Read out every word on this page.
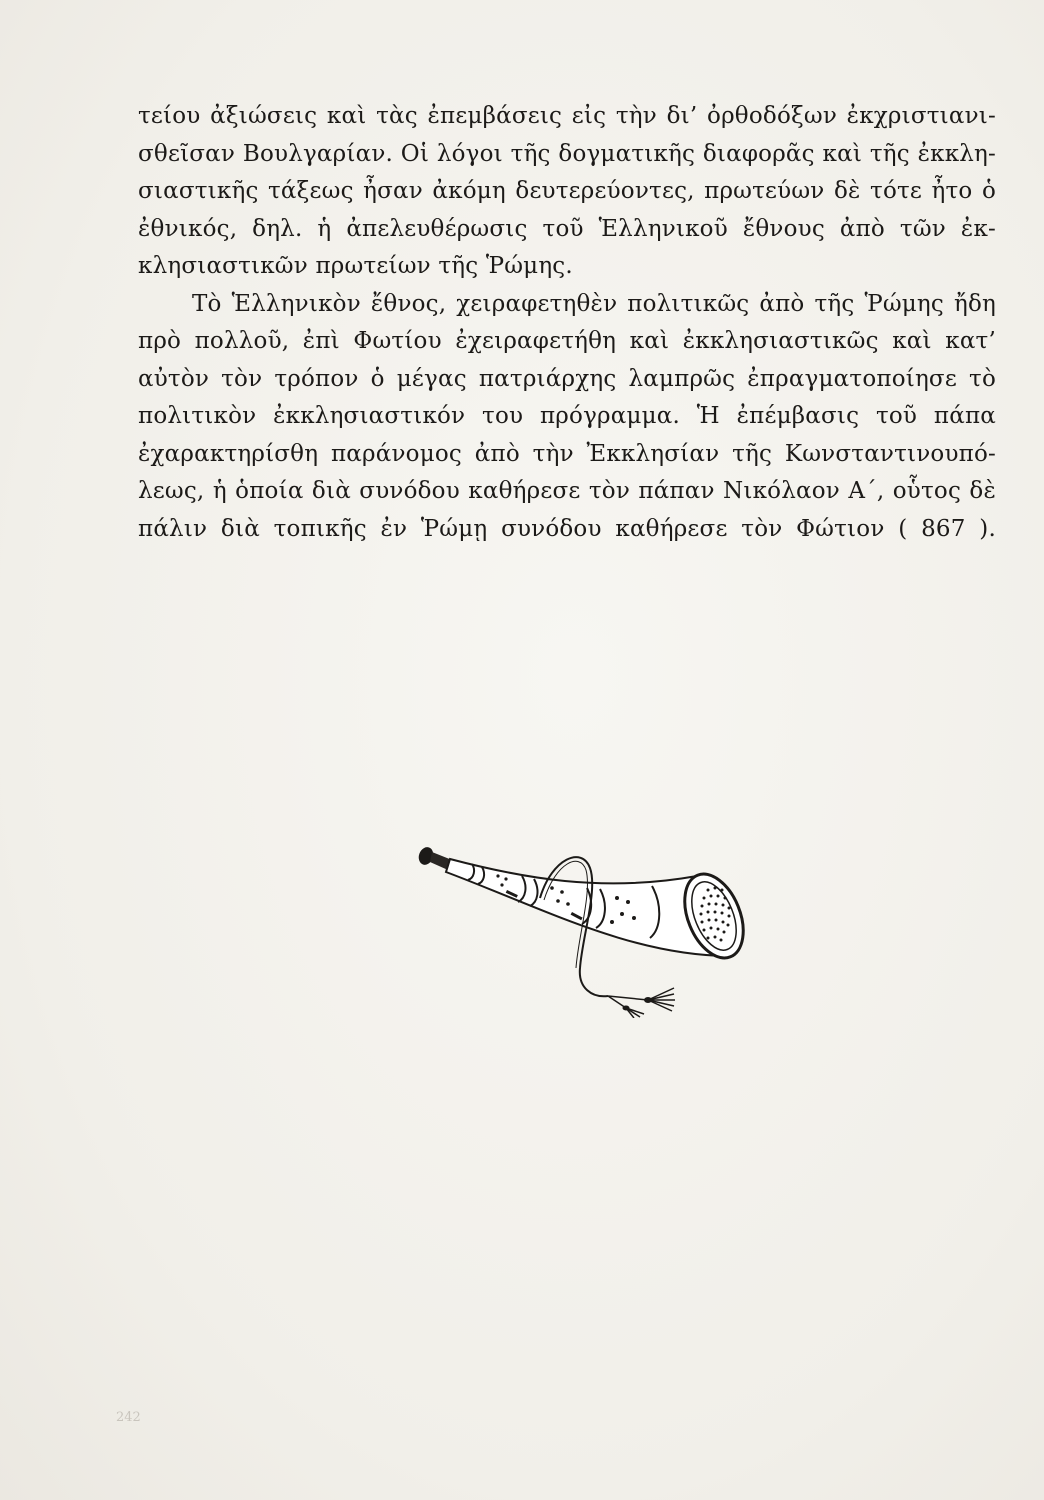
τείου ἀξιώσεις καὶ τὰς ἐπεμβάσεις εἰς τὴν δι’ ὀρθοδόξων ἐκχριστιανι-
σθεῖσαν Βουλγαρίαν. Οἱ λόγοι τῆς δογματικῆς διαφορᾶς καὶ τῆς ἐκκλη-
σιαστικῆς τάξεως ἦσαν ἀκόμη δευτερεύοντες, πρωτεύων δὲ τότε ἦτο ὁ
ἐθνικός, δηλ. ἡ ἀπελευθέρωσις τοῦ Ἑλληνικοῦ ἔθνους ἀπὸ τῶν ἐκ-
κλησιαστικῶν πρωτείων τῆς Ῥώμης.
Τὸ Ἑλληνικὸν ἔθνος, χειραφετηθὲν πολιτικῶς ἀπὸ τῆς Ῥώμης ἤδη
πρὸ πολλοῦ, ἐπὶ Φωτίου ἐχειραφετήθη καὶ ἐκκλησιαστικῶς καὶ κατ’
αὐτὸν τὸν τρόπον ὁ μέγας πατριάρχης λαμπρῶς ἐπραγματοποίησε τὸ
πολιτικὸν ἐκκλησιαστικόν του πρόγραμμα. Ἡ ἐπέμβασις τοῦ πάπα
ἐχαρακτηρίσθη παράνομος ἀπὸ τὴν Ἐκκλησίαν τῆς Κωνσταντινουπό-
λεως, ἡ ὁποία διὰ συνόδου καθήρεσε τὸν πάπαν Νικόλαον Α΄, οὗτος δὲ
πάλιν διὰ τοπικῆς ἐν Ῥώμῃ συνόδου καθήρεσε τὸν Φώτιον ( 867 ).
242
